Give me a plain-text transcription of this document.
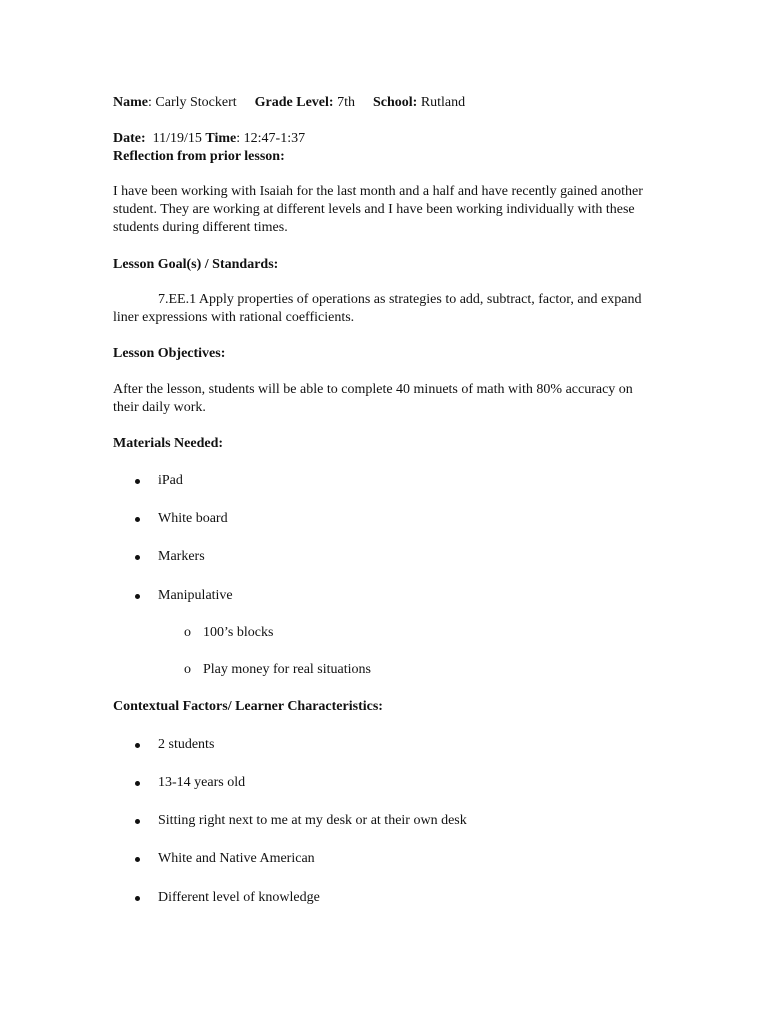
Name: Carly Stockert Grade Level: 7th School: Rutland
Date:  11/19/15 Time: 12:47-1:37
Reflection from prior lesson:
I have been working with Isaiah for the last month and a half and have recently gained another student. They are working at different levels and I have been working individually with these students during different times.
Lesson Goal(s) / Standards:
7.EE.1 Apply properties of operations as strategies to add, subtract, factor, and expand liner expressions with rational coefficients.
Lesson Objectives:
After the lesson, students will be able to complete 40 minuets of math with 80% accuracy on their daily work.
Materials Needed:
iPad
White board
Markers
Manipulative
o 100’s blocks
o Play money for real situations
Contextual Factors/ Learner Characteristics:
2 students
13-14 years old
Sitting right next to me at my desk or at their own desk
White and Native American
Different level of knowledge
